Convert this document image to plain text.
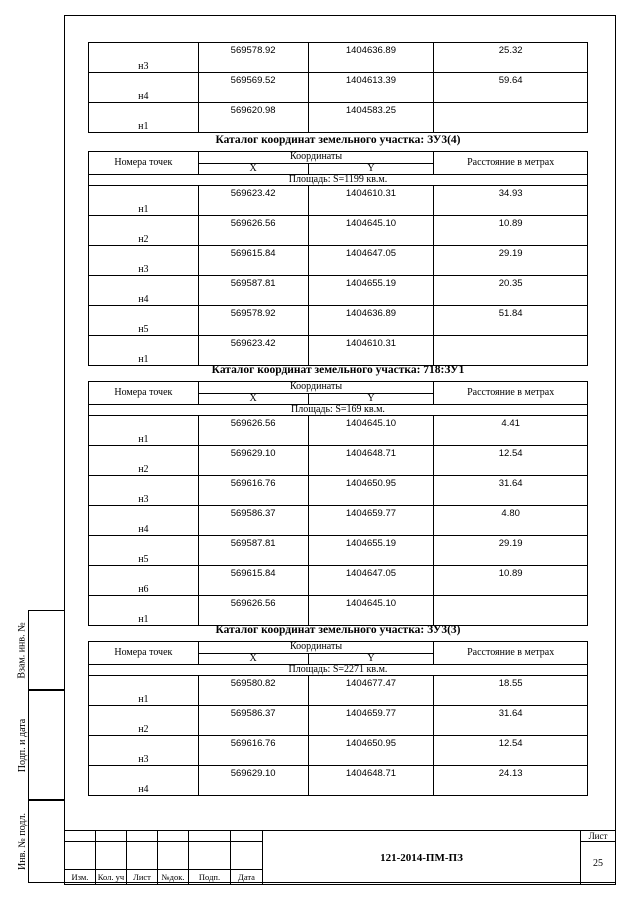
Взам. инв. №
Подп. и дата
Инв. № подл.
н3	569578.92	1404636.89	25.32
н4	569569.52	1404613.39	59.64
н1	569620.98	1404583.25	
Каталог координат земельного участка: ЗУ3(4)
Номера точек	Координаты		Расстояние в метрах
	X	Y	
Площадь: S=1199 кв.м.			
н1	569623.42	1404610.31	34.93
н2	569626.56	1404645.10	10.89
н3	569615.84	1404647.05	29.19
н4	569587.81	1404655.19	20.35
н5	569578.92	1404636.89	51.84
н1	569623.42	1404610.31	
Каталог координат земельного участка: 718:ЗУ1
Номера точек	Координаты		Расстояние в метрах
	X	Y	
Площадь: S=169 кв.м.			
н1	569626.56	1404645.10	4.41
н2	569629.10	1404648.71	12.54
н3	569616.76	1404650.95	31.64
н4	569586.37	1404659.77	4.80
н5	569587.81	1404655.19	29.19
н6	569615.84	1404647.05	10.89
н1	569626.56	1404645.10	
Каталог координат земельного участка: ЗУ3(3)
Номера точек	Координаты		Расстояние в метрах
	X	Y	
Площадь: S=2271 кв.м.			
н1	569580.82	1404677.47	18.55
н2	569586.37	1404659.77	31.64
н3	569616.76	1404650.95	12.54
н4	569629.10	1404648.71	24.13
						121-2014-ПМ-ПЗ	Лист
							25
Изм.	Кол. уч	Лист	№док.	Подп.	Дата		
